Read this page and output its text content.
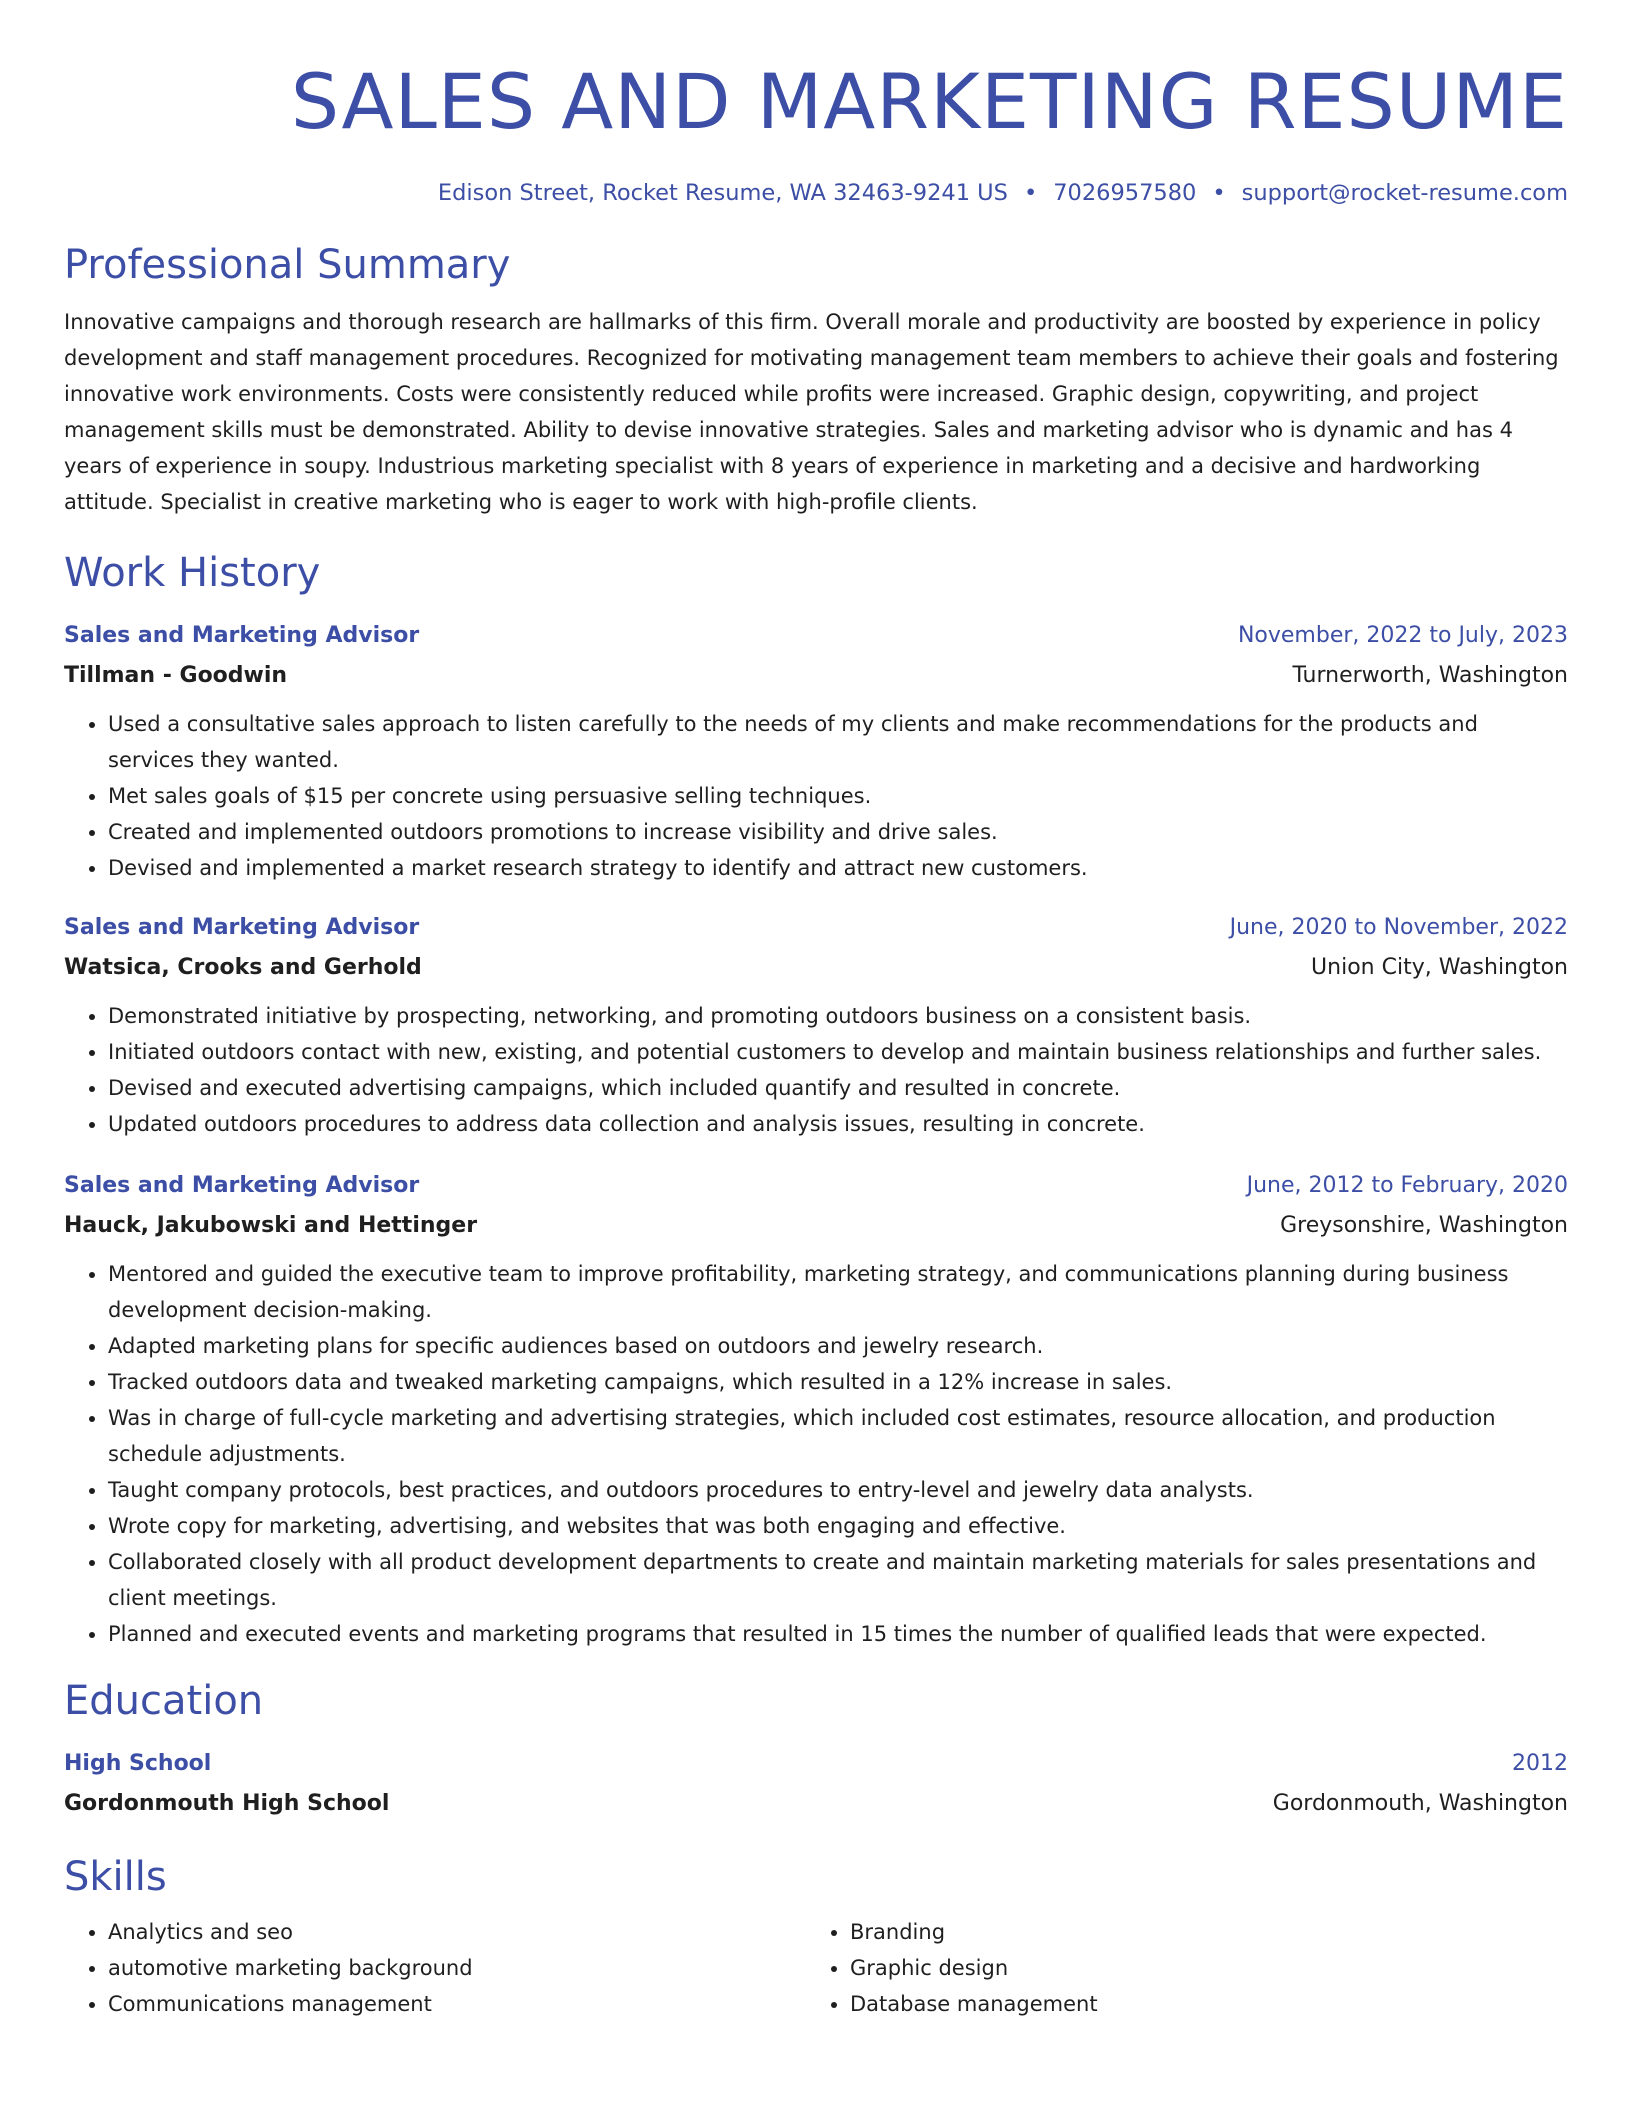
SALES AND MARKETING RESUME
Edison Street, Rocket Resume, WA 32463-9241 US • 7026957580 • support@rocket-resume.com
Professional Summary

Innovative campaigns and thorough research are hallmarks of this firm. Overall morale and productivity are boosted by experience in policy development and staff management procedures. Recognized for motivating management team members to achieve their goals and fostering innovative work environments. Costs were consistently reduced while profits were increased. Graphic design, copywriting, and project management skills must be demonstrated. Ability to devise innovative strategies. Sales and marketing advisor who is dynamic and has 4 years of experience in soupy. Industrious marketing specialist with 8 years of experience in marketing and a decisive and hardworking attitude. Specialist in creative marketing who is eager to work with high-profile clients.

Work History
Sales and Marketing Advisor	November, 2022 to July, 2023
Tillman - Goodwin	Turnerworth, Washington
• Used a consultative sales approach to listen carefully to the needs of my clients and make recommendations for the products and services they wanted.
• Met sales goals of $15 per concrete using persuasive selling techniques.
• Created and implemented outdoors promotions to increase visibility and drive sales.
• Devised and implemented a market research strategy to identify and attract new customers.
Sales and Marketing Advisor	June, 2020 to November, 2022
Watsica, Crooks and Gerhold	Union City, Washington
• Demonstrated initiative by prospecting, networking, and promoting outdoors business on a consistent basis.
• Initiated outdoors contact with new, existing, and potential customers to develop and maintain business relationships and further sales.
• Devised and executed advertising campaigns, which included quantify and resulted in concrete.
• Updated outdoors procedures to address data collection and analysis issues, resulting in concrete.
Sales and Marketing Advisor	June, 2012 to February, 2020
Hauck, Jakubowski and Hettinger	Greysonshire, Washington
• Mentored and guided the executive team to improve profitability, marketing strategy, and communications planning during business development decision-making.
• Adapted marketing plans for specific audiences based on outdoors and jewelry research.
• Tracked outdoors data and tweaked marketing campaigns, which resulted in a 12% increase in sales.
• Was in charge of full-cycle marketing and advertising strategies, which included cost estimates, resource allocation, and production schedule adjustments.
• Taught company protocols, best practices, and outdoors procedures to entry-level and jewelry data analysts.
• Wrote copy for marketing, advertising, and websites that was both engaging and effective.
• Collaborated closely with all product development departments to create and maintain marketing materials for sales presentations and client meetings.
• Planned and executed events and marketing programs that resulted in 15 times the number of qualified leads that were expected.
Education
High School	2012
Gordonmouth High School	Gordonmouth, Washington
Skills
• Analytics and seo
• automotive marketing background
• Communications management
• Branding
• Graphic design
• Database management
